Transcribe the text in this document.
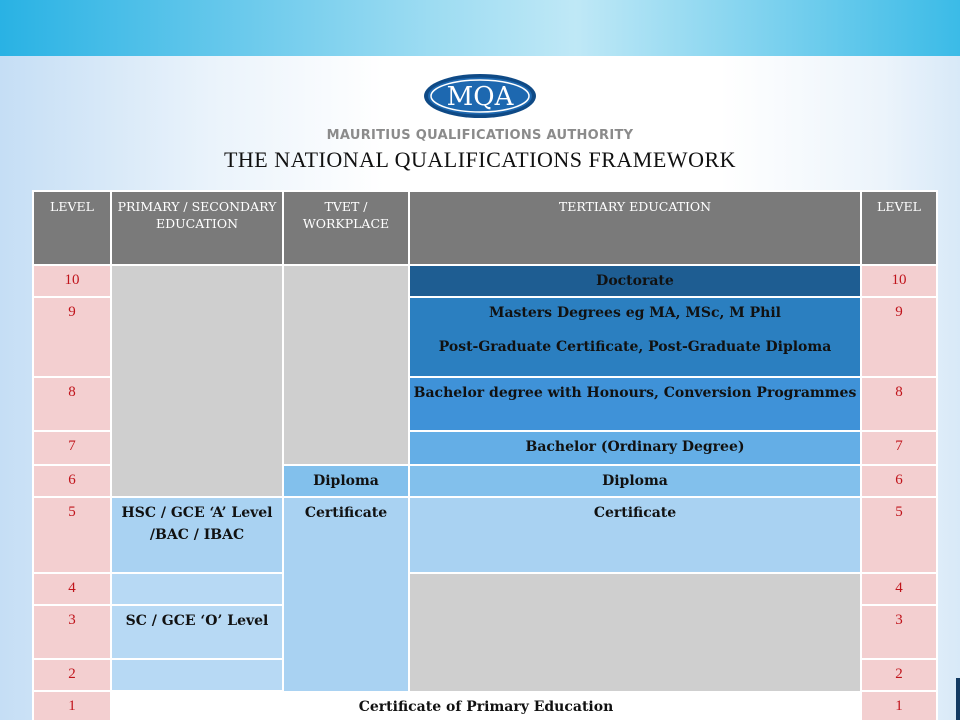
MQA
MAURITIUS QUALIFICATIONS AUTHORITY
THE NATIONAL QUALIFICATIONS FRAMEWORK
LEVEL	PRIMARY / SECONDARY EDUCATION	TVET / WORKPLACE	TERTIARY EDUCATION	LEVEL
10			Doctorate	10
9			Masters Degrees eg MA, MSc, M Phil
Post-Graduate Certificate, Post-Graduate Diploma	9
8			Bachelor degree with Honours, Conversion Programmes	8
7			Bachelor (Ordinary Degree)	7
6		Diploma	Diploma	6
5	HSC / GCE ‘A’ Level /BAC / IBAC	Certificate	Certificate	5
4				4
3	SC / GCE ‘O’ Level			3
2				2
1	Certificate of Primary Education			1
